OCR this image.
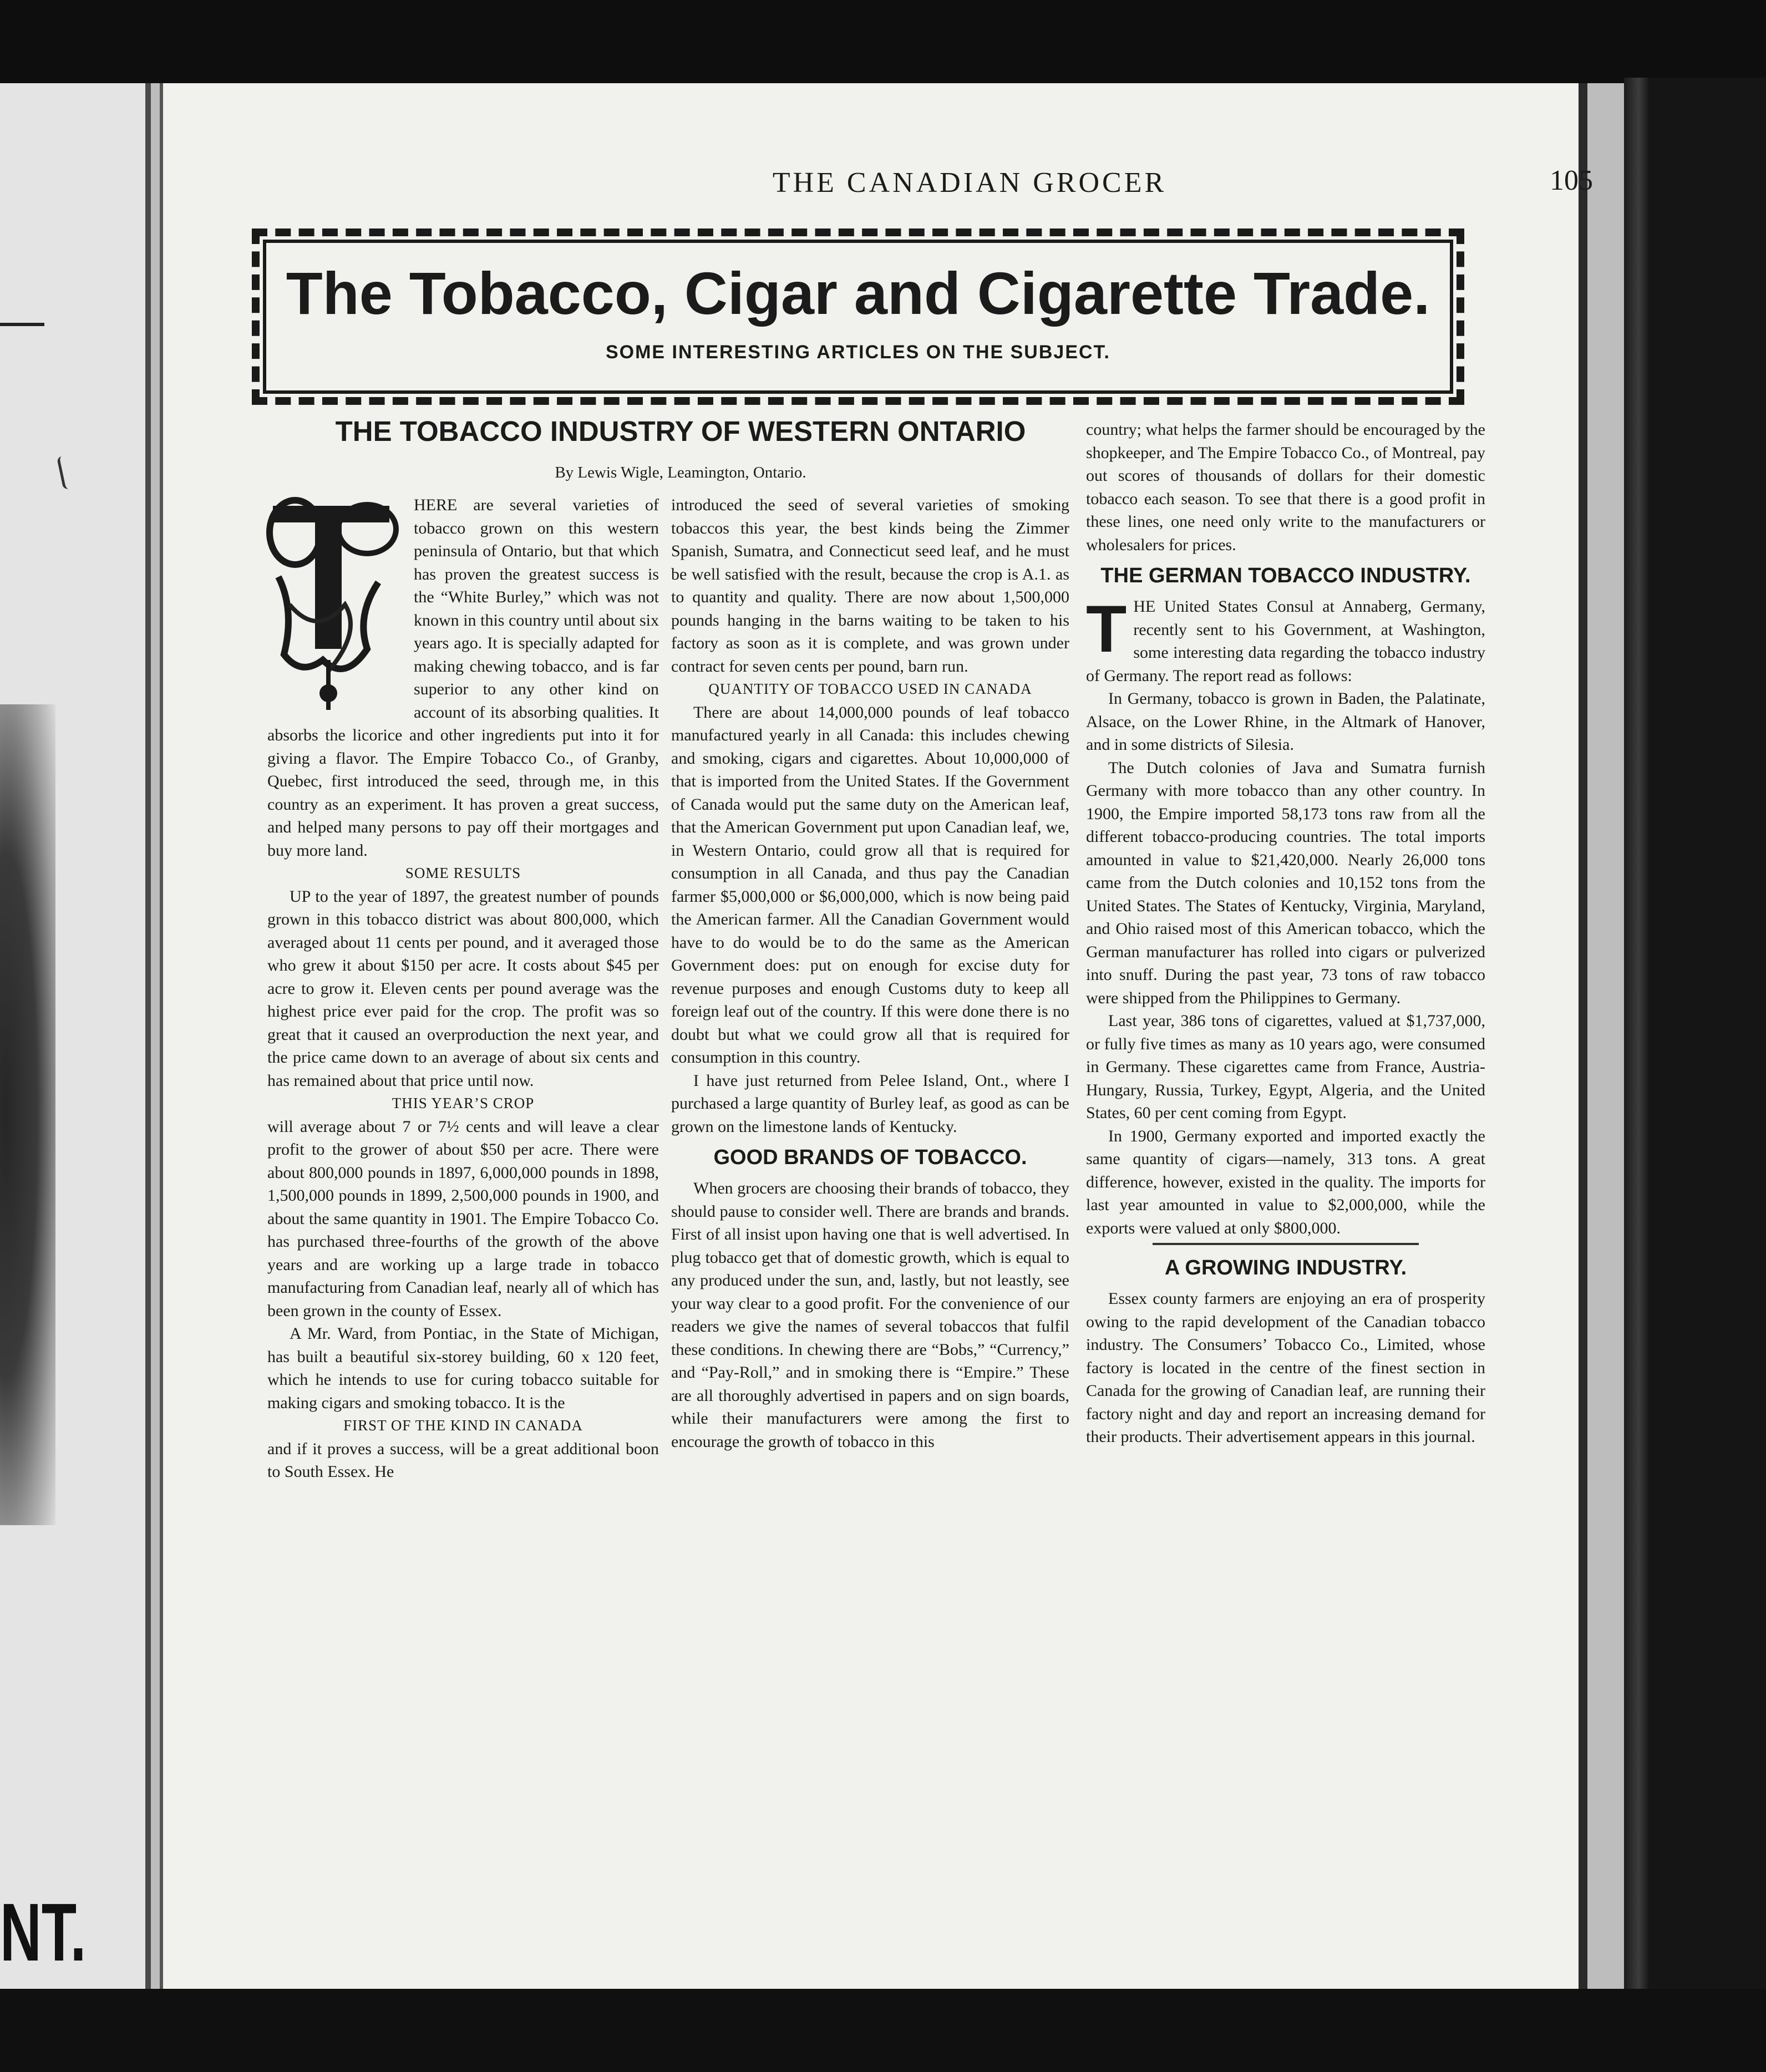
NT.
THE CANADIAN GROCER	105
The Tobacco, Cigar and Cigarette Trade.
SOME INTERESTING ARTICLES ON THE SUBJECT.
THE TOBACCO INDUSTRY OF WESTERN ONTARIO
By Lewis Wigle, Leamington, Ontario.

HERE are several varieties of tobacco grown on this western peninsula of Ontario, but that which has proven the greatest success is the “White Burley,” which was not known in this country until about six years ago. It is specially adapted for making chewing tobacco, and is far superior to any other kind on account of its absorbing qualities. It absorbs the licorice and other ingredients put into it for giving a flavor. The Empire Tobacco Co., of Granby, Quebec, first introduced the seed, through me, in this country as an experiment. It has proven a great success, and helped many persons to pay off their mortgages and buy more land.

SOME RESULTS

UP to the year of 1897, the greatest number of pounds grown in this tobacco district was about 800,000, which averaged about 11 cents per pound, and it averaged those who grew it about $150 per acre. It costs about $45 per acre to grow it. Eleven cents per pound average was the highest price ever paid for the crop. The profit was so great that it caused an overproduction the next year, and the price came down to an average of about six cents and has remained about that price until now.

THIS YEAR’S CROP

will average about 7 or 7½ cents and will leave a clear profit to the grower of about $50 per acre. There were about 800,000 pounds in 1897, 6,000,000 pounds in 1898, 1,500,000 pounds in 1899, 2,500,000 pounds in 1900, and about the same quantity in 1901. The Empire Tobacco Co. has purchased three-fourths of the growth of the above years and are working up a large trade in tobacco manufacturing from Canadian leaf, nearly all of which has been grown in the county of Essex.

A Mr. Ward, from Pontiac, in the State of Michigan, has built a beautiful six-storey building, 60 x 120 feet, which he intends to use for curing tobacco suitable for making cigars and smoking tobacco. It is the

FIRST OF THE KIND IN CANADA

and if it proves a success, will be a great additional boon to South Essex. He

introduced the seed of several varieties of smoking tobaccos this year, the best kinds being the Zimmer Spanish, Sumatra, and Connecticut seed leaf, and he must be well satisfied with the result, because the crop is A.1. as to quantity and quality. There are now about 1,500,000 pounds hanging in the barns waiting to be taken to his factory as soon as it is complete, and was grown under contract for seven cents per pound, barn run.

QUANTITY OF TOBACCO USED IN CANADA

There are about 14,000,000 pounds of leaf tobacco manufactured yearly in all Canada: this includes chewing and smoking, cigars and cigarettes. About 10,000,000 of that is imported from the United States. If the Government of Canada would put the same duty on the American leaf, that the American Government put upon Canadian leaf, we, in Western Ontario, could grow all that is required for consumption in all Canada, and thus pay the Canadian farmer $5,000,000 or $6,000,000, which is now being paid the American farmer. All the Canadian Government would have to do would be to do the same as the American Government does: put on enough for excise duty for revenue purposes and enough Customs duty to keep all foreign leaf out of the country. If this were done there is no doubt but what we could grow all that is required for consumption in this country.

I have just returned from Pelee Island, Ont., where I purchased a large quantity of Burley leaf, as good as can be grown on the limestone lands of Kentucky.

GOOD BRANDS OF TOBACCO.

When grocers are choosing their brands of tobacco, they should pause to consider well. There are brands and brands. First of all insist upon having one that is well advertised. In plug tobacco get that of domestic growth, which is equal to any produced under the sun, and, lastly, but not leastly, see your way clear to a good profit. For the convenience of our readers we give the names of several tobaccos that fulfil these conditions. In chewing there are “Bobs,” “Currency,” and “Pay-Roll,” and in smoking there is “Empire.” These are all thoroughly advertised in papers and on sign boards, while their manufacturers were among the first to encourage the growth of tobacco in this

country; what helps the farmer should be encouraged by the shopkeeper, and The Empire Tobacco Co., of Montreal, pay out scores of thousands of dollars for their domestic tobacco each season. To see that there is a good profit in these lines, one need only write to the manufacturers or wholesalers for prices.

THE GERMAN TOBACCO INDUSTRY.
T HE United States Consul at Annaberg, Germany, recently sent to his Government, at Washington, some interesting data regarding the tobacco industry of Germany. The report read as follows:

In Germany, tobacco is grown in Baden, the Palatinate, Alsace, on the Lower Rhine, in the Altmark of Hanover, and in some districts of Silesia.

The Dutch colonies of Java and Sumatra furnish Germany with more tobacco than any other country. In 1900, the Empire imported 58,173 tons raw from all the different tobacco-producing countries. The total imports amounted in value to $21,420,000. Nearly 26,000 tons came from the Dutch colonies and 10,152 tons from the United States. The States of Kentucky, Virginia, Maryland, and Ohio raised most of this American tobacco, which the German manufacturer has rolled into cigars or pulverized into snuff. During the past year, 73 tons of raw tobacco were shipped from the Philippines to Germany.

Last year, 386 tons of cigarettes, valued at $1,737,000, or fully five times as many as 10 years ago, were consumed in Germany. These cigarettes came from France, Austria-Hungary, Russia, Turkey, Egypt, Algeria, and the United States, 60 per cent coming from Egypt.

In 1900, Germany exported and imported exactly the same quantity of cigars—namely, 313 tons. A great difference, however, existed in the quality. The imports for last year amounted in value to $2,000,000, while the exports were valued at only $800,000.

A GROWING INDUSTRY.

Essex county farmers are enjoying an era of prosperity owing to the rapid development of the Canadian tobacco industry. The Consumers’ Tobacco Co., Limited, whose factory is located in the centre of the finest section in Canada for the growing of Canadian leaf, are running their factory night and day and report an increasing demand for their products. Their advertisement appears in this journal.
